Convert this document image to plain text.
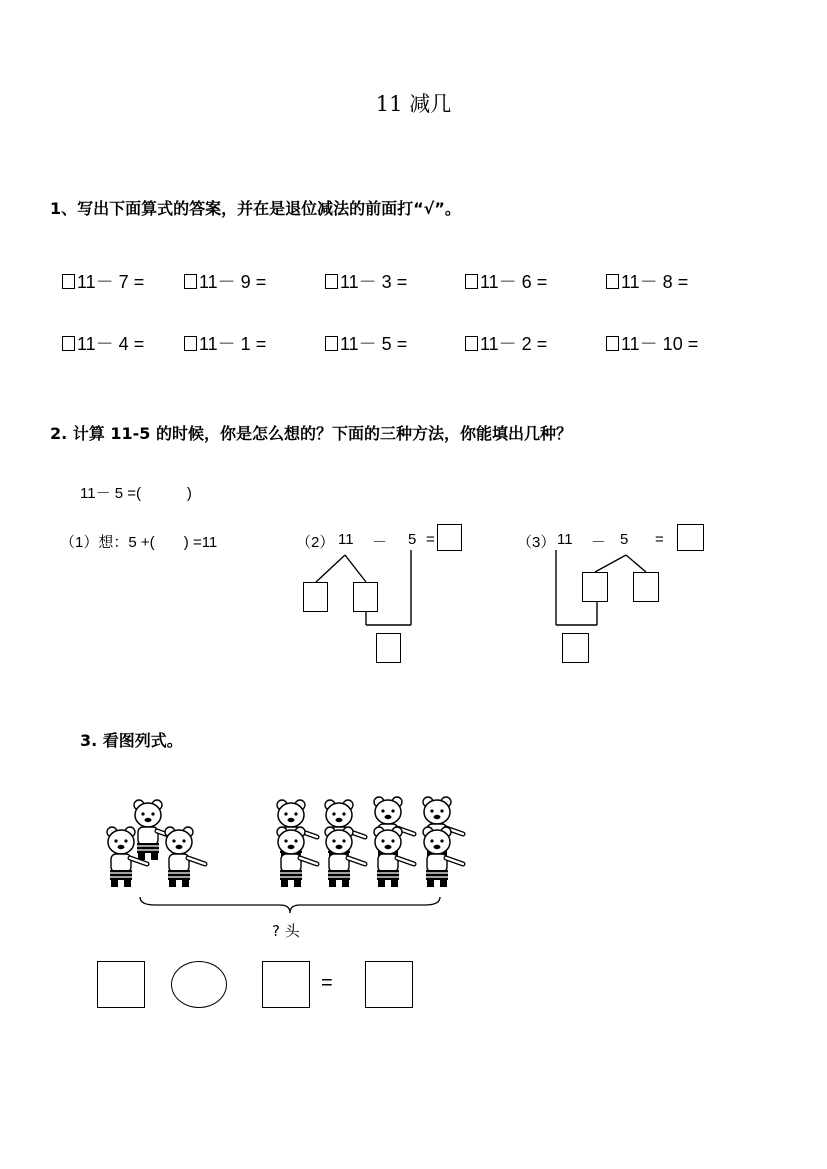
11 减几
1、写出下面算式的答案，并在是退位减法的前面打“√”。
11－ 7 =	11－ 9 =	11－ 3 =	11－ 6 =	11－ 8 =
11－ 4 =	11－ 1 =	11－ 5 =	11－ 2 =	11－ 10 =
2. 计算 11-5 的时候，你是怎么想的？下面的三种方法，你能填出几种？
11－ 5 =(           )
（1）想：5 +(       ) =11	（2） 11 － 5 =	（3） 11 － 5 =
3. 看图列式。
? 头
=
